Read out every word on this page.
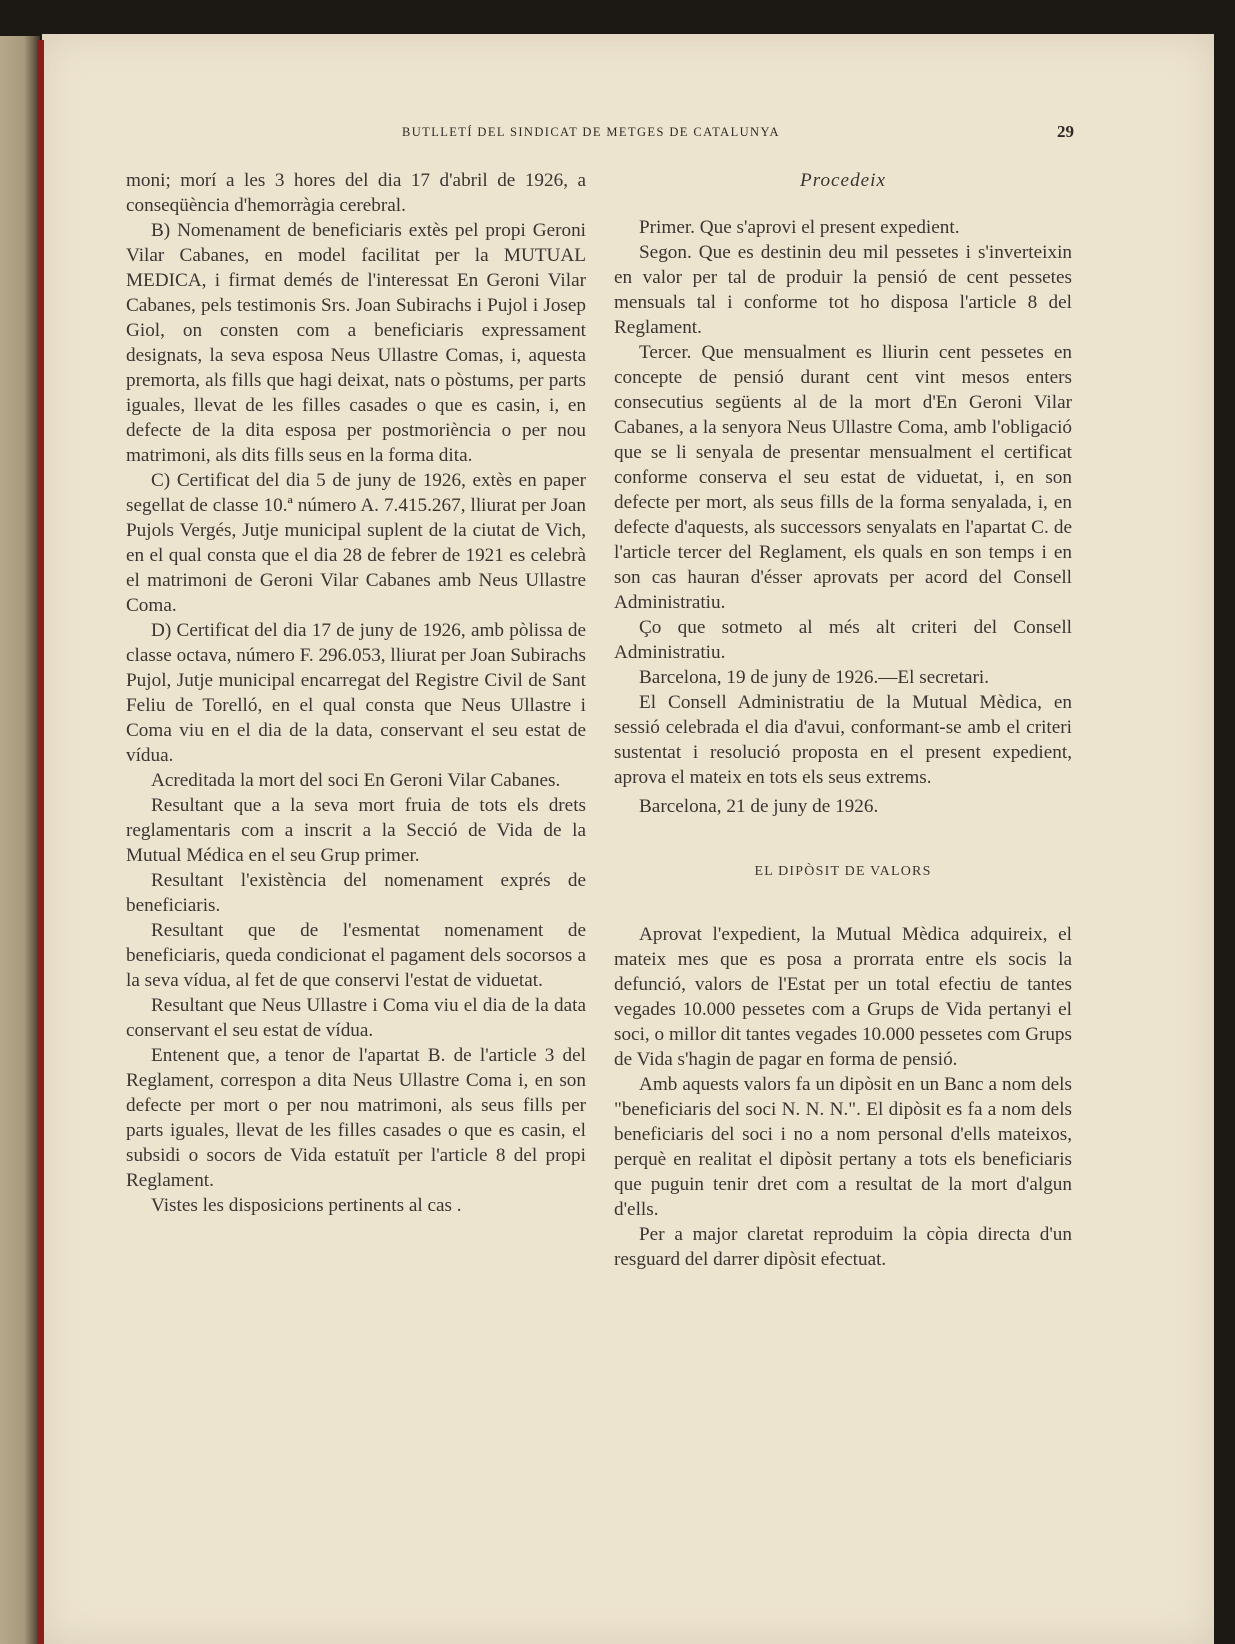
BUTLLETÍ DEL SINDICAT DE METGES DE CATALUNYA	29

moni; morí a les 3 hores del dia 17 d'abril de 1926, a conseqüència d'hemorràgia cerebral.

B) Nomenament de beneficiaris extès pel propi Geroni Vilar Cabanes, en model facilitat per la MUTUAL MEDICA, i firmat demés de l'interessat En Geroni Vilar Cabanes, pels testimonis Srs. Joan Subirachs i Pujol i Josep Giol, on consten com a beneficiaris expressament designats, la seva esposa Neus Ullastre Comas, i, aquesta premorta, als fills que hagi deixat, nats o pòstums, per parts iguales, llevat de les filles casades o que es casin, i, en defecte de la dita esposa per postmoriència o per nou matrimoni, als dits fills seus en la forma dita.

C) Certificat del dia 5 de juny de 1926, extès en paper segellat de classe 10.ª número A. 7.415.267, lliurat per Joan Pujols Vergés, Jutje municipal suplent de la ciutat de Vich, en el qual consta que el dia 28 de febrer de 1921 es celebrà el matrimoni de Geroni Vilar Cabanes amb Neus Ullastre Coma.

D) Certificat del dia 17 de juny de 1926, amb pòlissa de classe octava, número F. 296.053, lliurat per Joan Subirachs Pujol, Jutje municipal encarregat del Registre Civil de Sant Feliu de Torelló, en el qual consta que Neus Ullastre i Coma viu en el dia de la data, conservant el seu estat de vídua.

Acreditada la mort del soci En Geroni Vilar Cabanes.

Resultant que a la seva mort fruia de tots els drets reglamentaris com a inscrit a la Secció de Vida de la Mutual Médica en el seu Grup primer.

Resultant l'existència del nomenament exprés de beneficiaris.

Resultant que de l'esmentat nomenament de beneficiaris, queda condicionat el pagament dels socorsos a la seva vídua, al fet de que conservi l'estat de viduetat.

Resultant que Neus Ullastre i Coma viu el dia de la data conservant el seu estat de vídua.

Entenent que, a tenor de l'apartat B. de l'article 3 del Reglament, correspon a dita Neus Ullastre Coma i, en son defecte per mort o per nou matrimoni, als seus fills per parts iguales, llevat de les filles casades o que es casin, el subsidi o socors de Vida estatuït per l'article 8 del propi Reglament.

Vistes les disposicions pertinents al cas .

Procedeix

Primer. Que s'aprovi el present expedient.

Segon. Que es destinin deu mil pessetes i s'inverteixin en valor per tal de produir la pensió de cent pessetes mensuals tal i conforme tot ho disposa l'article 8 del Reglament.

Tercer. Que mensualment es lliurin cent pessetes en concepte de pensió durant cent vint mesos enters consecutius següents al de la mort d'En Geroni Vilar Cabanes, a la senyora Neus Ullastre Coma, amb l'obligació que se li senyala de presentar mensualment el certificat conforme conserva el seu estat de viduetat, i, en son defecte per mort, als seus fills de la forma senyalada, i, en defecte d'aquests, als successors senyalats en l'apartat C. de l'article tercer del Reglament, els quals en son temps i en son cas hauran d'ésser aprovats per acord del Consell Administratiu.

Ço que sotmeto al més alt criteri del Consell Administratiu.

Barcelona, 19 de juny de 1926.—El secretari.

El Consell Administratiu de la Mutual Mèdica, en sessió celebrada el dia d'avui, conformant-se amb el criteri sustentat i resolució proposta en el present expedient, aprova el mateix en tots els seus extrems.

Barcelona, 21 de juny de 1926.

EL DIPÒSIT DE VALORS

Aprovat l'expedient, la Mutual Mèdica adquireix, el mateix mes que es posa a prorrata entre els socis la defunció, valors de l'Estat per un total efectiu de tantes vegades 10.000 pessetes com a Grups de Vida pertanyi el soci, o millor dit tantes vegades 10.000 pessetes com Grups de Vida s'hagin de pagar en forma de pensió.

Amb aquests valors fa un dipòsit en un Banc a nom dels "beneficiaris del soci N. N. N.". El dipòsit es fa a nom dels beneficiaris del soci i no a nom personal d'ells mateixos, perquè en realitat el dipòsit pertany a tots els beneficiaris que puguin tenir dret com a resultat de la mort d'algun d'ells.

Per a major claretat reproduim la còpia directa d'un resguard del darrer dipòsit efectuat.
